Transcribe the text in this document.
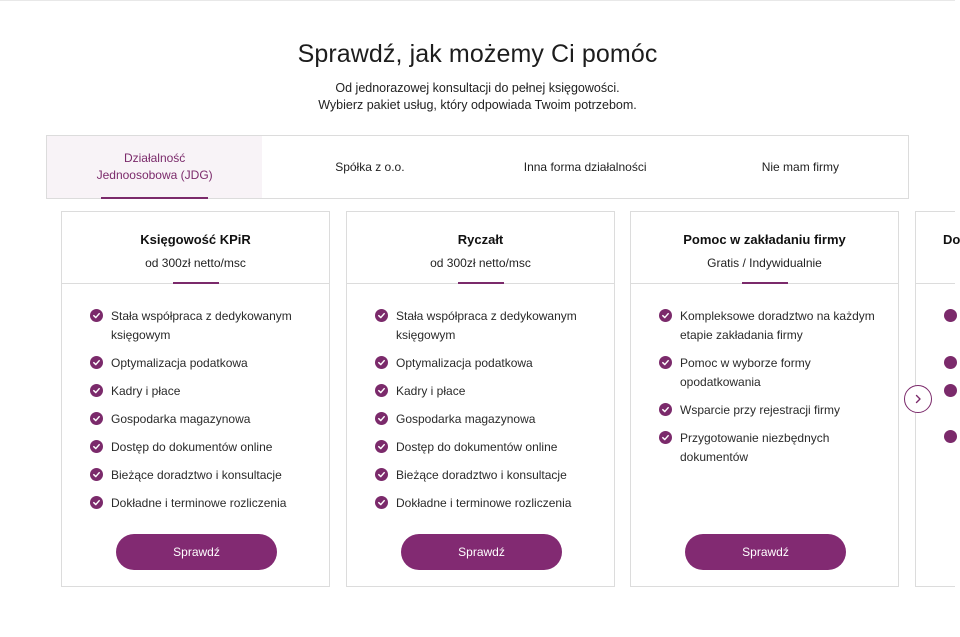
Sprawdź, jak możemy Ci pomóc
Od jednorazowej konsultacji do pełnej księgowości.
Wybierz pakiet usług, który odpowiada Twoim potrzebom.
Działalność
Jednoosobowa (JDG)
Spółka z o.o.	Inna forma działalności	Nie mam firmy
Księgowość KPiR
od 300zł netto/msc
Stała współpraca z dedykowanym księgowym
Optymalizacja podatkowa
Kadry i płace
Gospodarka magazynowa
Dostęp do dokumentów online
Bieżące doradztwo i konsultacje
Dokładne i terminowe rozliczenia
Sprawdź
Ryczałt
od 300zł netto/msc
Stała współpraca z dedykowanym księgowym
Optymalizacja podatkowa
Kadry i płace
Gospodarka magazynowa
Dostęp do dokumentów online
Bieżące doradztwo i konsultacje
Dokładne i terminowe rozliczenia
Sprawdź
Pomoc w zakładaniu firmy
Gratis / Indywidualnie
Kompleksowe doradztwo na każdym etapie zakładania firmy
Pomoc w wyborze formy opodatkowania
Wsparcie przy rejestracji firmy
Przygotowanie niezbędnych dokumentów
Sprawdź
Do
